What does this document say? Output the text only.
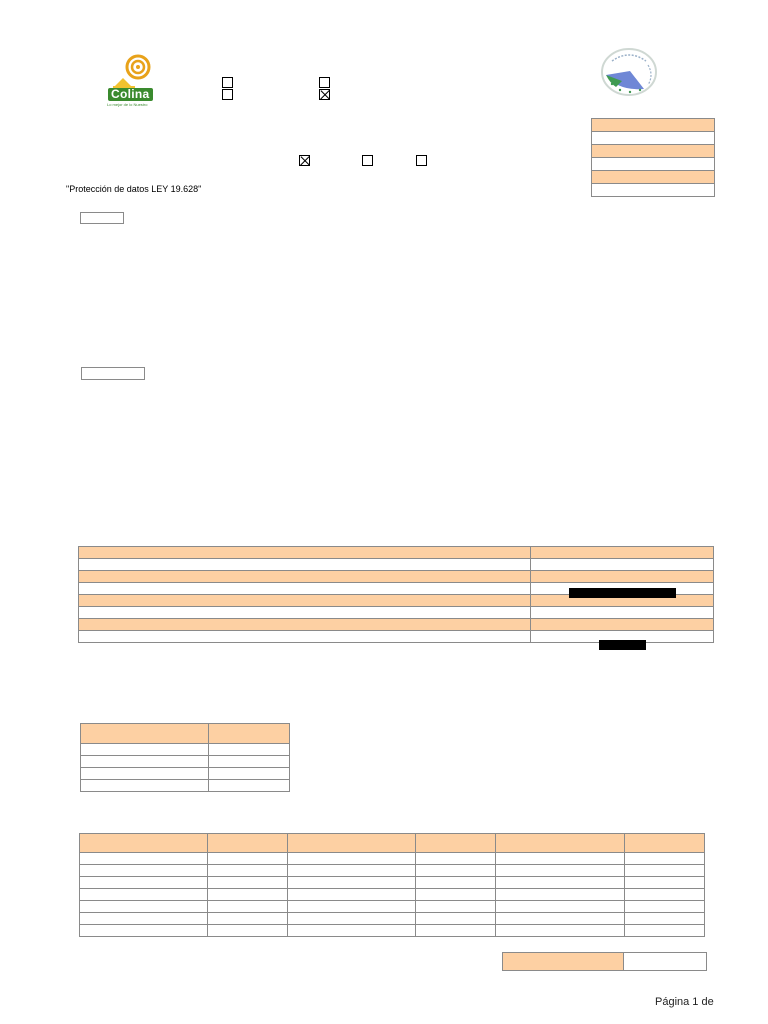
Colina
Lo mejor de lo Nuestro

"Protección de datos LEY 19.628"

Página 1 de
